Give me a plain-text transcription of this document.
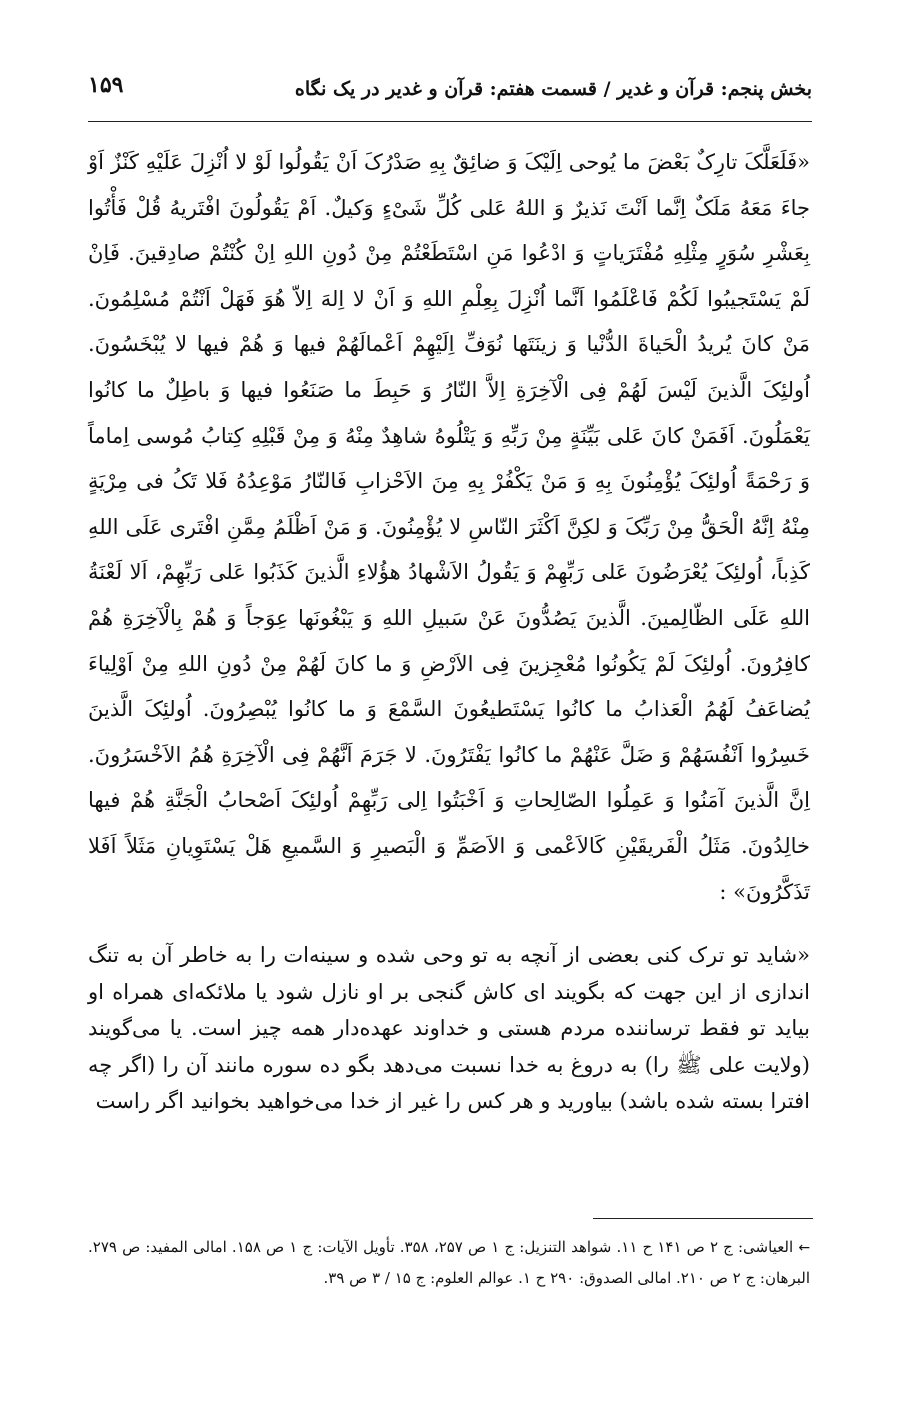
بخش پنجم: قرآن و غدیر / قسمت هفتم: قرآن و غدیر در یک نگاه
۱۵۹
«فَلَعَلَّکَ تارِکٌ بَعْضَ ما یُوحی اِلَیْکَ وَ ضائِقٌ بِهِ صَدْرُکَ اَنْ یَقُولُوا لَوْ لا اُنْزِلَ عَلَیْهِ کَنْزٌ اَوْ جاءَ مَعَهُ مَلَکٌ اِنَّما اَنْتَ نَذیرٌ وَ اللهُ عَلی کُلِّ شَیْءٍ وَکیلٌ. اَمْ یَقُولُونَ افْتَریهُ قُلْ فَأْتُوا بِعَشْرِ سُوَرٍ مِثْلِهِ مُفْتَرَیاتٍ وَ ادْعُوا مَنِ اسْتَطَعْتُمْ مِنْ دُونِ اللهِ اِنْ کُنْتُمْ صادِقینَ. فَاِنْ لَمْ یَسْتَجیبُوا لَکُمْ فَاعْلَمُوا اَنَّما اُنْزِلَ بِعِلْمِ اللهِ وَ اَنْ لا اِلهَ اِلاّ هُوَ فَهَلْ اَنْتُمْ مُسْلِمُونَ. مَنْ کانَ یُریدُ الْحَیاةَ الدُّنْیا وَ زینَتَها نُوَفِّ اِلَیْهِمْ اَعْمالَهُمْ فیها وَ هُمْ فیها لا یُبْخَسُونَ. اُولئِکَ الَّذینَ لَیْسَ لَهُمْ فِی الْآخِرَةِ اِلاَّ النّارُ وَ حَبِطَ ما صَنَعُوا فیها وَ باطِلٌ ما کانُوا یَعْمَلُونَ. اَفَمَنْ کانَ عَلی بَیِّنَةٍ مِنْ رَبِّهِ وَ یَتْلُوهُ شاهِدٌ مِنْهُ وَ مِنْ قَبْلِهِ کِتابُ مُوسی اِماماً وَ رَحْمَةً اُولئِکَ یُؤْمِنُونَ بِهِ وَ مَنْ یَکْفُرْ بِهِ مِنَ الاَحْزابِ فَالنّارُ مَوْعِدُهُ فَلا تَکُ فی مِرْیَةٍ مِنْهُ اِنَّهُ الْحَقُّ مِنْ رَبِّکَ وَ لکِنَّ اَکْثَرَ النّاسِ لا یُؤْمِنُونَ. وَ مَنْ اَظْلَمُ مِمَّنِ افْتَری عَلَی اللهِ کَذِباً، اُولئِکَ یُعْرَضُونَ عَلی رَبِّهِمْ وَ یَقُولُ الاَشْهادُ هؤُلاءِ الَّذینَ کَذَبُوا عَلی رَبِّهِمْ، اَلا لَعْنَةُ اللهِ عَلَی الظّالِمینَ. الَّذینَ یَصُدُّونَ عَنْ سَبیلِ اللهِ وَ یَبْغُونَها عِوَجاً وَ هُمْ بِالْآخِرَةِ هُمْ کافِرُونَ. اُولئِکَ لَمْ یَکُونُوا مُعْجِزینَ فِی الاَرْضِ وَ ما کانَ لَهُمْ مِنْ دُونِ اللهِ مِنْ اَوْلِیاءَ یُضاعَفُ لَهُمُ الْعَذابُ ما کانُوا یَسْتَطیعُونَ السَّمْعَ وَ ما کانُوا یُبْصِرُونَ. اُولئِکَ الَّذینَ خَسِرُوا اَنْفُسَهُمْ وَ ضَلَّ عَنْهُمْ ما کانُوا یَفْتَرُونَ. لا جَرَمَ اَنَّهُمْ فِی الْآخِرَةِ هُمُ الاَخْسَرُونَ. اِنَّ الَّذینَ آمَنُوا وَ عَمِلُوا الصّالِحاتِ وَ اَخْبَتُوا اِلی رَبِّهِمْ اُولئِکَ اَصْحابُ الْجَنَّةِ هُمْ فیها خالِدُونَ. مَثَلُ الْفَریقَیْنِ کَالاَعْمی وَ الاَصَمِّ وَ الْبَصیرِ وَ السَّمیعِ هَلْ یَسْتَوِیانِ مَثَلاً اَفَلا تَذَکَّرُونَ» :
«شاید تو ترک کنی بعضی از آنچه به تو وحی شده و سینه‌ات را به خاطر آن به تنگ اندازی از این جهت که بگویند ای کاش گنجی بر او نازل شود یا ملائکه‌ای همراه او بیاید تو فقط ترساننده مردم هستی و خداوند عهده‌دار همه چیز است. یا می‌گویند (ولایت علی ﷺ را) به دروغ به خدا نسبت می‌دهد بگو ده سوره مانند آن را (اگر چه افترا بسته شده باشد) بیاورید و هر کس را غیر از خدا می‌خواهید بخوانید اگر راست
← العیاشی: ج ۲ ص ۱۴۱ ح ۱۱. شواهد التنزیل: ج ۱ ص ۲۵۷، ۳۵۸. تأویل الآیات: ج ۱ ص ۱۵۸. امالی المفید: ص ۲۷۹. البرهان: ج ۲ ص ۲۱۰. امالی الصدوق: ۲۹۰ ح ۱. عوالم العلوم: ج ۱۵ / ۳ ص ۳۹.
